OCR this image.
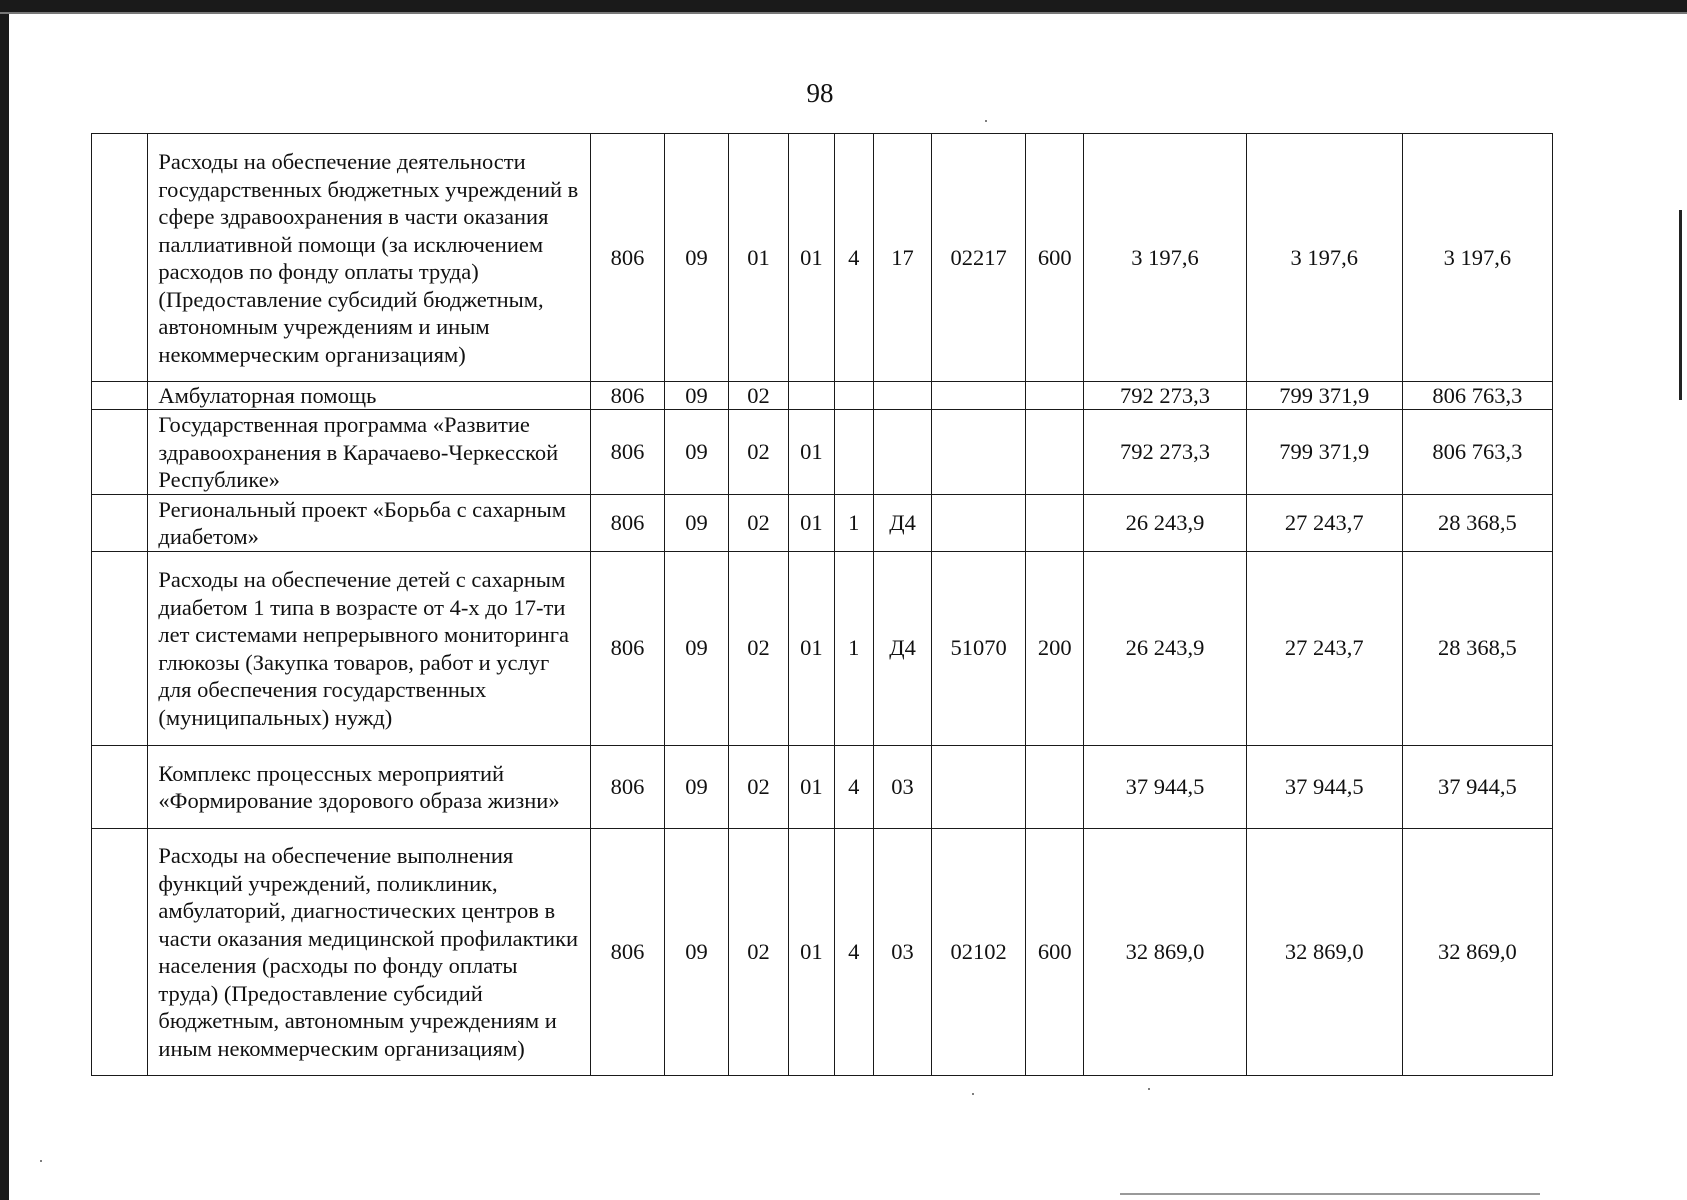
98
	Расходы на обеспечение деятельности государственных бюджетных учреждений в сфере здравоохранения в части оказания паллиативной помощи (за исключением расходов по фонду оплаты труда) (Предоставление субсидий бюджетным, автономным учреждениям и иным некоммерческим организациям)	806	09	01	01	4	17	02217	600	3 197,6	3 197,6	3 197,6
	Амбулаторная помощь	806	09	02						792 273,3	799 371,9	806 763,3
	Государственная программа «Развитие здравоохранения в Карачаево-Черкесской Республике»	806	09	02	01					792 273,3	799 371,9	806 763,3
	Региональный проект «Борьба с сахарным диабетом»	806	09	02	01	1	Д4			26 243,9	27 243,7	28 368,5
	Расходы на обеспечение детей с сахарным диабетом 1 типа в возрасте от 4-х до 17-ти лет системами непрерывного мониторинга глюкозы (Закупка товаров, работ и услуг для обеспечения государственных (муниципальных) нужд)	806	09	02	01	1	Д4	51070	200	26 243,9	27 243,7	28 368,5
	Комплекс процессных мероприятий «Формирование здорового образа жизни»	806	09	02	01	4	03			37 944,5	37 944,5	37 944,5
	Расходы на обеспечение выполнения функций учреждений, поликлиник, амбулаторий, диагностических центров в части оказания медицинской профилактики населения (расходы по фонду оплаты труда) (Предоставление субсидий бюджетным, автономным учреждениям и иным некоммерческим организациям)	806	09	02	01	4	03	02102	600	32 869,0	32 869,0	32 869,0
